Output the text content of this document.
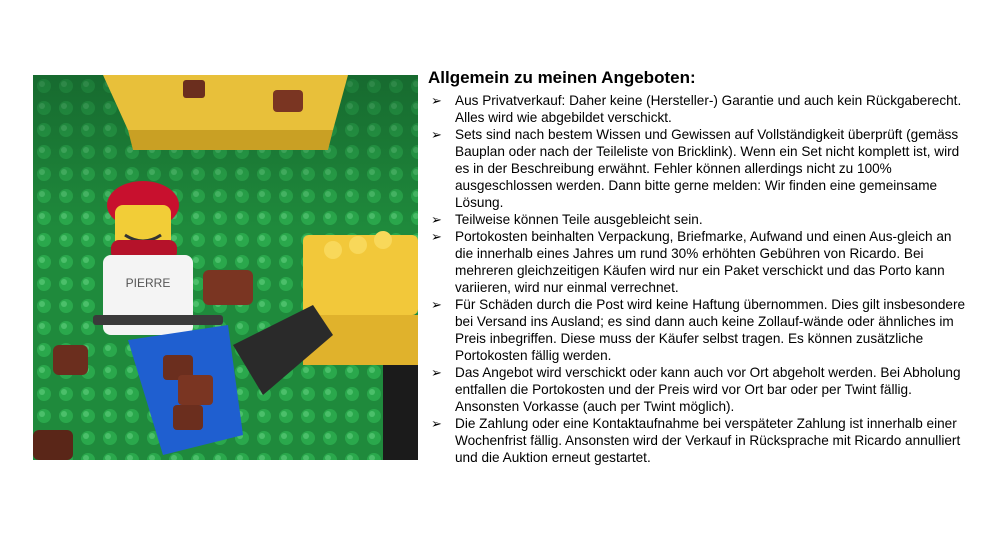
PIERRE
Allgemein zu meinen Angeboten:
➢ Aus Privatverkauf: Daher keine (Hersteller-) Garantie und auch kein Rückgaberecht. Alles wird wie abgebildet verschickt.
➢ Sets sind nach bestem Wissen und Gewissen auf Vollständigkeit überprüft (gemäss Bauplan oder nach der Teileliste von Bricklink). Wenn ein Set nicht komplett ist, wird es in der Beschreibung erwähnt. Fehler können allerdings nicht zu 100% ausgeschlossen werden. Dann bitte gerne melden: Wir finden eine gemeinsame Lösung.
➢ Teilweise können Teile ausgebleicht sein.
➢ Portokosten beinhalten Verpackung, Briefmarke, Aufwand und einen Aus-gleich an die innerhalb eines Jahres um rund 30% erhöhten Gebühren von Ricardo. Bei mehreren gleichzeitigen Käufen wird nur ein Paket verschickt und das Porto kann variieren, wird nur einmal verrechnet.
➢ Für Schäden durch die Post wird keine Haftung übernommen. Dies gilt insbesondere bei Versand ins Ausland; es sind dann auch keine Zollauf-wände oder ähnliches im Preis inbegriffen. Diese muss der Käufer selbst tragen. Es können zusätzliche Portokosten fällig werden.
➢ Das Angebot wird verschickt oder kann auch vor Ort abgeholt werden. Bei Abholung entfallen die Portokosten und der Preis wird vor Ort bar oder per Twint fällig. Ansonsten Vorkasse (auch per Twint möglich).
➢ Die Zahlung oder eine Kontaktaufnahme bei verspäteter Zahlung ist innerhalb einer Wochenfrist fällig. Ansonsten wird der Verkauf in Rücksprache mit Ricardo annulliert und die Auktion erneut gestartet.
